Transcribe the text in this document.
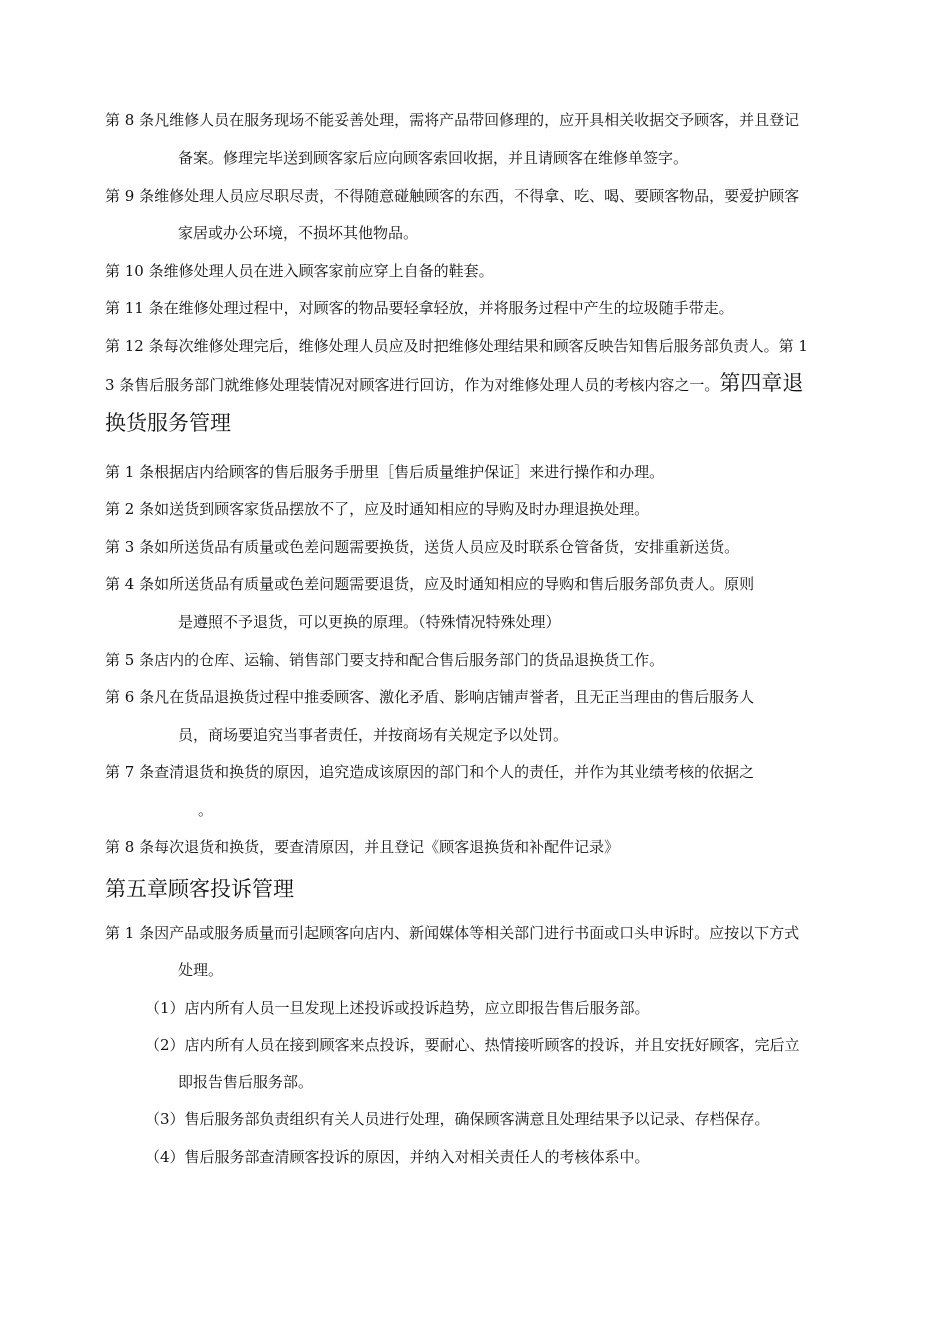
第 8 条凡维修人员在服务现场不能妥善处理，需将产品带回修理的，应开具相关收据交予顾客，并且登记
备案。修理完毕送到顾客家后应向顾客索回收据，并且请顾客在维修单签字。
第 9 条维修处理人员应尽职尽责，不得随意碰触顾客的东西，不得拿、吃、喝、要顾客物品，要爱护顾客
家居或办公环境，不损坏其他物品。
第 10 条维修处理人员在进入顾客家前应穿上自备的鞋套。
第 11 条在维修处理过程中，对顾客的物品要轻拿轻放，并将服务过程中产生的垃圾随手带走。
第 12 条每次维修处理完后，维修处理人员应及时把维修处理结果和顾客反映告知售后服务部负责人。第 1
3 条售后服务部门就维修处理装情况对顾客进行回访，作为对维修处理人员的考核内容之一。第四章退
换货服务管理
第 1 条根据店内给顾客的售后服务手册里［售后质量维护保证］来进行操作和办理。
第 2 条如送货到顾客家货品摆放不了，应及时通知相应的导购及时办理退换处理。
第 3 条如所送货品有质量或色差问题需要换货，送货人员应及时联系仓管备货，安排重新送货。
第 4 条如所送货品有质量或色差问题需要退货，应及时通知相应的导购和售后服务部负责人。原则
是遵照不予退货，可以更换的原理。（特殊情况特殊处理）
第 5 条店内的仓库、运输、销售部门要支持和配合售后服务部门的货品退换货工作。
第 6 条凡在货品退换货过程中推委顾客、激化矛盾、影响店铺声誉者，且无正当理由的售后服务人
员，商场要追究当事者责任，并按商场有关规定予以处罚。
第 7 条查清退货和换货的原因，追究造成该原因的部门和个人的责任，并作为其业绩考核的依据之
。
第 8 条每次退货和换货，要查清原因，并且登记《顾客退换货和补配件记录》
第五章顾客投诉管理
第 1 条因产品或服务质量而引起顾客向店内、新闻媒体等相关部门进行书面或口头申诉时。应按以下方式
处理。
（1）店内所有人员一旦发现上述投诉或投诉趋势，应立即报告售后服务部。
（2）店内所有人员在接到顾客来点投诉，要耐心、热情接听顾客的投诉，并且安抚好顾客，完后立
即报告售后服务部。
（3）售后服务部负责组织有关人员进行处理，确保顾客满意且处理结果予以记录、存档保存。
（4）售后服务部查清顾客投诉的原因，并纳入对相关责任人的考核体系中。
